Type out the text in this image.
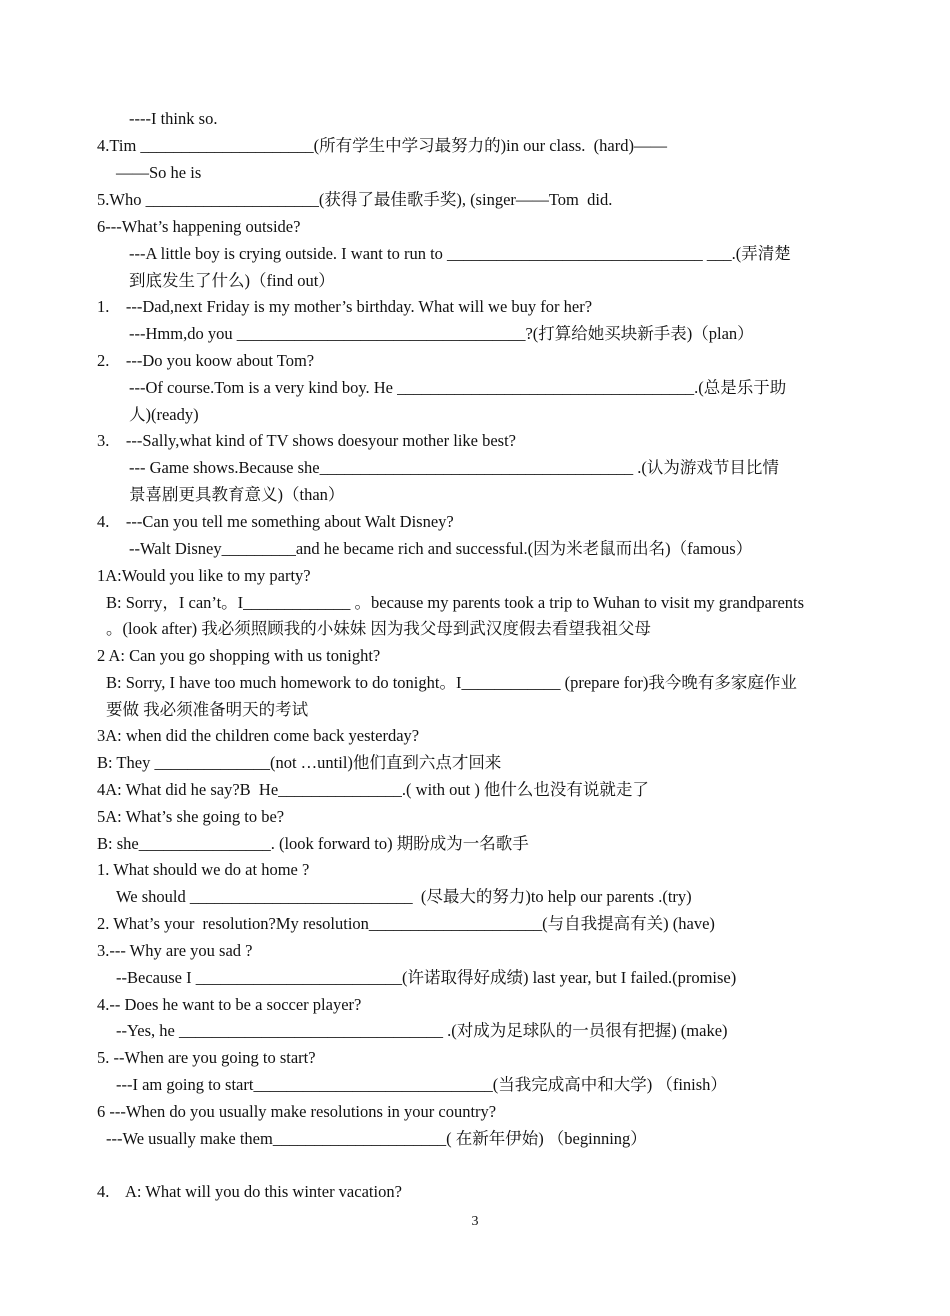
----I think so.
4.Tim _____________________(所有学生中学习最努力的)in our class.  (hard)——
——So he is
5.Who _____________________(获得了最佳歌手奖), (singer——Tom  did.
6---What’s happening outside?
---A little boy is crying outside. I want to run to _______________________________ ___.(弄清楚
到底发生了什么)（find out）
1.    ---Dad,next Friday is my mother’s birthday. What will we buy for her?
---Hmm,do you ___________________________________?(打算给她买块新手表)（plan）
2.    ---Do you koow about Tom?
---Of course.Tom is a very kind boy. He ____________________________________.(总是乐于助
人)(ready)
3.    ---Sally,what kind of TV shows doesyour mother like best?
--- Game shows.Because she______________________________________ .(认为游戏节目比情
景喜剧更具教育意义)（than）
4.    ---Can you tell me something about Walt Disney?
--Walt Disney_________and he became rich and successful.(因为米老鼠而出名)（famous）
1A:Would you like to my party?
B: Sorry，I can’t。I_____________ 。because my parents took a trip to Wuhan to visit my grandparents
。(look after) 我必须照顾我的小妹妹 因为我父母到武汉度假去看望我祖父母
2 A: Can you go shopping with us tonight?
B: Sorry, I have too much homework to do tonight。I____________ (prepare for)我今晚有多家庭作业
要做 我必须准备明天的考试
3A: when did the children come back yesterday?
B: They ______________(not …until)他们直到六点才回来
4A: What did he say?B  He_______________.( with out ) 他什么也没有说就走了
5A: What’s she going to be?
B: she________________. (look forward to) 期盼成为一名歌手
1. What should we do at home ?
We should ___________________________  (尽最大的努力)to help our parents .(try)
2. What’s your  resolution?My resolution_____________________(与自我提高有关) (have)
3.--- Why are you sad ?
--Because I _________________________(许诺取得好成绩) last year, but I failed.(promise)
4.-- Does he want to be a soccer player?
--Yes, he ________________________________ .(对成为足球队的一员很有把握) (make)
5. --When are you going to start?
---I am going to start_____________________________(当我完成高中和大学) （finish）
6 ---When do you usually make resolutions in your country?
---We usually make them_____________________( 在新年伊始) （beginning）
4.    A: What will you do this winter vacation?
3
